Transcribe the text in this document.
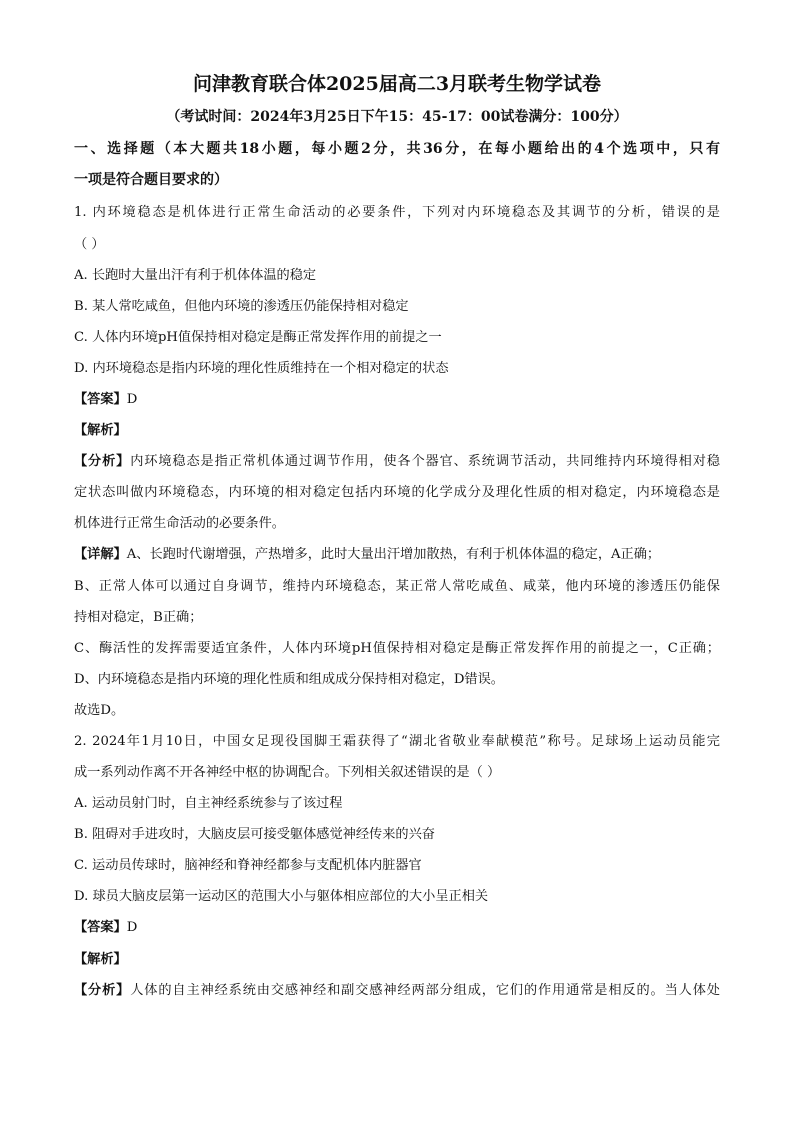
问津教育联合体2025届高二3月联考生物学试卷
（考试时间：2024年3月25日下午15：45-17：00试卷满分：100分）
一、选择题（本大题共18小题，每小题2分，共36分，在每小题给出的4个选项中，只有
一项是符合题目要求的）
1. 内环境稳态是机体进行正常生命活动的必要条件，下列对内环境稳态及其调节的分析，错误的是
（ ）
A. 长跑时大量出汗有利于机体体温的稳定
B. 某人常吃咸鱼，但他内环境的渗透压仍能保持相对稳定
C. 人体内环境pH值保持相对稳定是酶正常发挥作用的前提之一
D. 内环境稳态是指内环境的理化性质维持在一个相对稳定的状态
【答案】D
【解析】
【分析】内环境稳态是指正常机体通过调节作用，使各个器官、系统调节活动，共同维持内环境得相对稳
定状态叫做内环境稳态，内环境的相对稳定包括内环境的化学成分及理化性质的相对稳定，内环境稳态是
机体进行正常生命活动的必要条件。
【详解】A、长跑时代谢增强，产热增多，此时大量出汗增加散热，有利于机体体温的稳定，A正确；
B、正常人体可以通过自身调节，维持内环境稳态，某正常人常吃咸鱼、咸菜，他内环境的渗透压仍能保
持相对稳定，B正确；
C、酶活性的发挥需要适宜条件，人体内环境pH值保持相对稳定是酶正常发挥作用的前提之一，C正确；
D、内环境稳态是指内环境的理化性质和组成成分保持相对稳定，D错误。
故选D。
2. 2024年1月10日，中国女足现役国脚王霜获得了“湖北省敬业奉献模范”称号。足球场上运动员能完
成一系列动作离不开各神经中枢的协调配合。下列相关叙述错误的是（ ）
A. 运动员射门时，自主神经系统参与了该过程
B. 阻碍对手进攻时，大脑皮层可接受躯体感觉神经传来的兴奋
C. 运动员传球时，脑神经和脊神经都参与支配机体内脏器官
D. 球员大脑皮层第一运动区的范围大小与躯体相应部位的大小呈正相关
【答案】D
【解析】
【分析】人体的自主神经系统由交感神经和副交感神经两部分组成，它们的作用通常是相反的。当人体处
